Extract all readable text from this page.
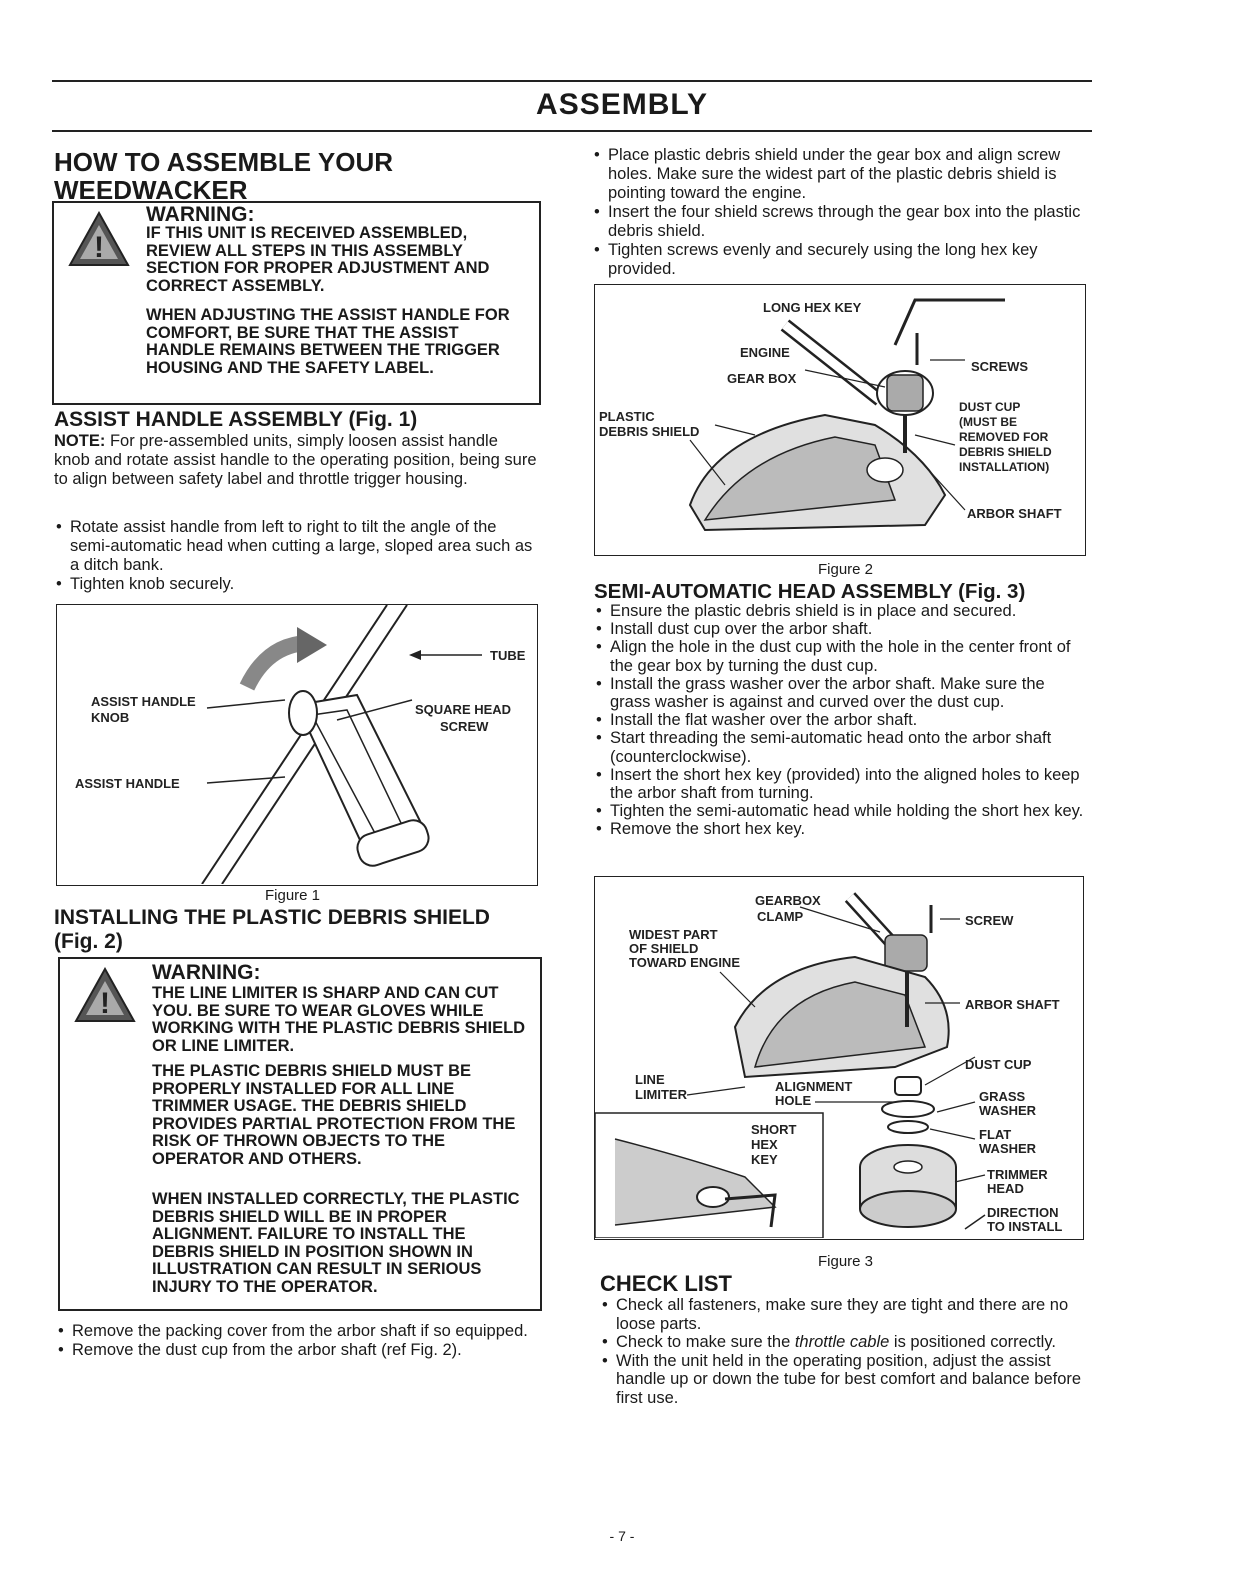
ASSEMBLY
HOW TO ASSEMBLE YOUR WEEDWACKER
!
WARNING:
IF THIS UNIT IS RECEIVED ASSEMBLED, REVIEW ALL STEPS IN THIS ASSEMBLY SECTION FOR PROPER ADJUSTMENT AND CORRECT ASSEMBLY.
WHEN ADJUSTING THE ASSIST HANDLE FOR COMFORT, BE SURE THAT THE ASSIST HANDLE REMAINS BETWEEN THE TRIGGER HOUSING AND THE SAFETY LABEL.
ASSIST HANDLE ASSEMBLY (Fig. 1)
NOTE: For pre-assembled units, simply loosen assist handle knob and rotate assist handle to the operating position, being sure to align between safety label and throttle trigger housing.
• Rotate assist handle from left to right to tilt the angle of the semi-automatic head when cutting a large, sloped area such as a ditch bank.
• Tighten knob securely.
TUBE
SQUARE HEAD
SCREW
ASSIST HANDLE
KNOB
ASSIST HANDLE
Figure 1
INSTALLING THE PLASTIC DEBRIS SHIELD
(Fig. 2)
!
WARNING:
THE LINE LIMITER IS SHARP AND CAN CUT YOU. BE SURE TO WEAR GLOVES WHILE WORKING WITH THE PLASTIC DEBRIS SHIELD OR LINE LIMITER.
THE PLASTIC DEBRIS SHIELD MUST BE PROPERLY INSTALLED FOR ALL LINE TRIMMER USAGE. THE DEBRIS SHIELD PROVIDES PARTIAL PROTECTION FROM THE RISK OF THROWN OBJECTS TO THE OPERATOR AND OTHERS.
WHEN INSTALLED CORRECTLY, THE PLASTIC DEBRIS SHIELD WILL BE IN PROPER ALIGNMENT. FAILURE TO INSTALL THE DEBRIS SHIELD IN POSITION SHOWN IN ILLUSTRATION CAN RESULT IN SERIOUS INJURY TO THE OPERATOR.
• Remove the packing cover from the arbor shaft if so equipped.
• Remove the dust cup from the arbor shaft (ref Fig. 2).
• Place plastic debris shield under the gear box and align screw holes. Make sure the widest part of the plastic debris shield is pointing toward the engine.
• Insert the four shield screws through the gear box into the plastic debris shield.
• Tighten screws evenly and securely using the long hex key provided.
LONG HEX KEY
ENGINE
GEAR BOX
PLASTIC
DEBRIS SHIELD
SCREWS
DUST CUP
(MUST BE
REMOVED FOR
DEBRIS SHIELD
INSTALLATION)
ARBOR SHAFT
Figure 2
SEMI-AUTOMATIC HEAD ASSEMBLY (Fig. 3)
• Ensure the plastic debris shield is in place and secured.
• Install dust cup over the arbor shaft.
• Align the hole in the dust cup with the hole in the center front of the gear box by turning the dust cup.
• Install the grass washer over the arbor shaft. Make sure the grass washer is against and curved over the dust cup.
• Install the flat washer over the arbor shaft.
• Start threading the semi-automatic head onto the arbor shaft (counterclockwise).
• Insert the short hex key (provided) into the aligned holes to keep the arbor shaft from turning.
• Tighten the semi-automatic head while holding the short hex key.
• Remove the short hex key.
GEARBOX
CLAMP	SCREW
WIDEST PART
OF SHIELD
TOWARD ENGINE
ARBOR SHAFT
DUST CUP
LINE
LIMITER
ALIGNMENT
HOLE	GRASS
WASHER
SHORT
HEX
KEY
FLAT
WASHER
TRIMMER
HEAD
DIRECTION
TO INSTALL
Figure 3
CHECK LIST
• Check all fasteners, make sure they are tight and there are no loose parts.
• Check to make sure the throttle cable is positioned correctly.
• With the unit held in the operating position, adjust the assist handle up or down the tube for best comfort and balance before first use.
- 7 -
